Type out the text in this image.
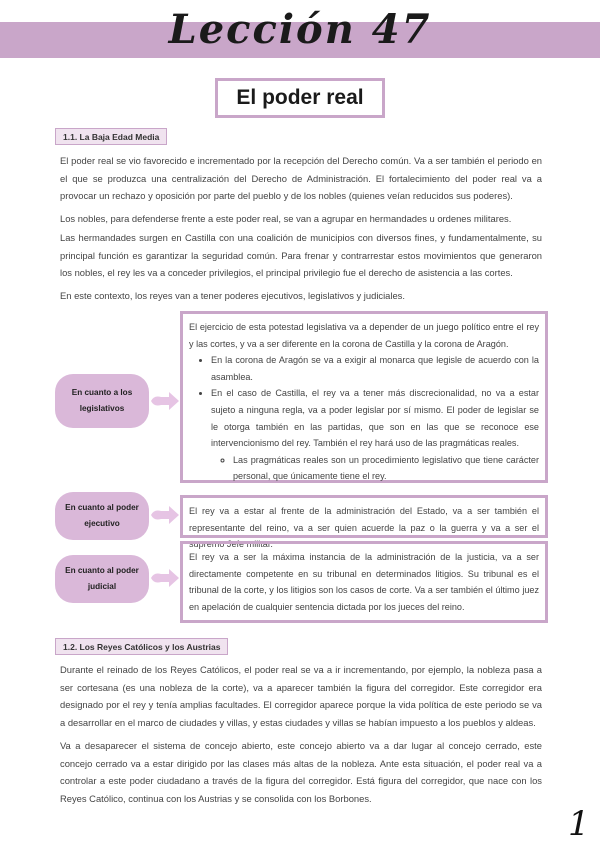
Lección 47
El poder real
1.1. La Baja Edad Media

El poder real se vio favorecido e incrementado por la recepción del Derecho común. Va a ser también el periodo en el que se produzca una centralización del Derecho de Administración. El fortalecimiento del poder real va a provocar un rechazo y oposición por parte del pueblo y de los nobles (quienes veían reducidos sus poderes).

Los nobles, para defenderse frente a este poder real, se van a agrupar en hermandades u ordenes militares.

Las hermandades surgen en Castilla con una coalición de municipios con diversos fines, y fundamentalmente, su principal función es garantizar la seguridad común. Para frenar y contrarrestar estos movimientos que generaron los nobles, el rey les va a conceder privilegios, el principal privilegio fue el derecho de asistencia a las cortes.

En este contexto, los reyes van a tener poderes ejecutivos, legislativos y judiciales.

En cuanto a los legislativos

El ejercicio de esta potestad legislativa va a depender de un juego político entre el rey y las cortes, y va a ser diferente en la corona de Castilla y la corona de Aragón.

• En la corona de Aragón se va a exigir al monarca que legisle de acuerdo con la asamblea.
• En el caso de Castilla, el rey va a tener más discrecionalidad, no va a estar sujeto a ninguna regla, va a poder legislar por sí mismo. El poder de legislar se le otorga también en las partidas, que son en las que se reconoce ese intervencionismo del rey. También el rey hará uso de las pragmáticas reales.
◦ Las pragmáticas reales son un procedimiento legislativo que tiene carácter personal, que únicamente tiene el rey.
En cuanto al poder ejecutivo

El rey va a estar al frente de la administración del Estado, va a ser también el representante del reino, va a ser quien acuerde la paz o la guerra y va a ser el supremo Jefe militar.

En cuanto al poder judicial

El rey va a ser la máxima instancia de la administración de la justicia, va a ser directamente competente en su tribunal en determinados litigios. Su tribunal es el tribunal de la corte, y los litigios son los casos de corte. Va a ser también el último juez en apelación de cualquier sentencia dictada por los jueces del reino.

1.2. Los Reyes Católicos y los Austrias

Durante el reinado de los Reyes Católicos, el poder real se va a ir incrementando, por ejemplo, la nobleza pasa a ser cortesana (es una nobleza de la corte), va a aparecer también la figura del corregidor. Este corregidor era designado por el rey y tenía amplias facultades. El corregidor aparece porque la vida política de este periodo se va a desarrollar en el marco de ciudades y villas, y estas ciudades y villas se habían impuesto a los pueblos y aldeas.

Va a desaparecer el sistema de concejo abierto, este concejo abierto va a dar lugar al concejo cerrado, este concejo cerrado va a estar dirigido por las clases más altas de la nobleza. Ante esta situación, el poder real va a controlar a este poder ciudadano a través de la figura del corregidor. Está figura del corregidor, que nace con los Reyes Católico, continua con los Austrias y se consolida con los Borbones.

1
